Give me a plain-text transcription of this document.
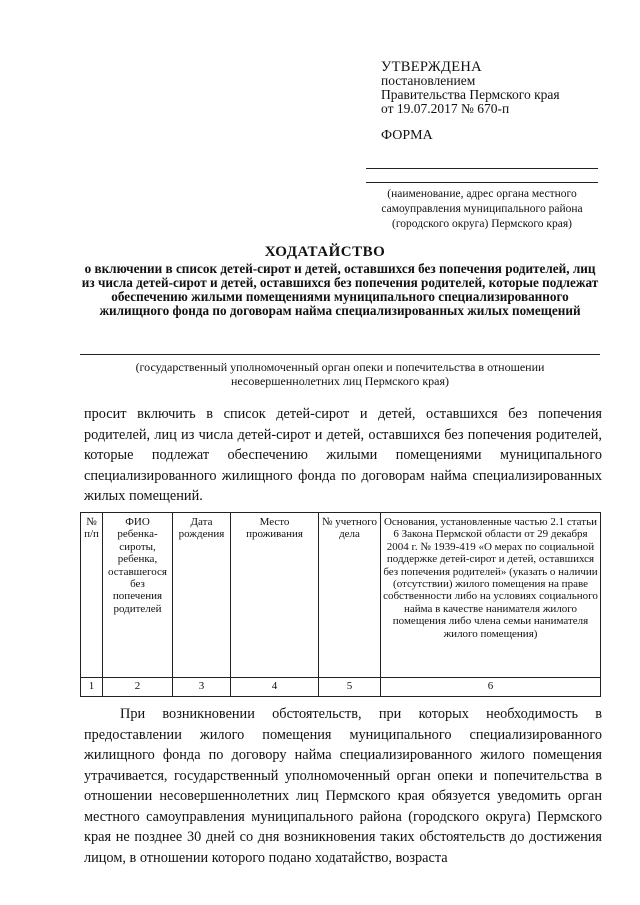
УТВЕРЖДЕНА
постановлением
Правительства Пермского края
от 19.07.2017 № 670-п
ФОРМА
(наименование, адрес органа местного самоуправления муниципального района (городского округа) Пермского края)
ХОДАТАЙСТВО
о включении в список детей-сирот и детей, оставшихся без попечения родителей, лиц из числа детей-сирот и детей, оставшихся без попечения родителей, которые подлежат обеспечению жилыми помещениями муниципального специализированного жилищного фонда по договорам найма специализированных жилых помещений
(государственный уполномоченный орган опеки и попечительства в отношении несовершеннолетних лиц Пермского края)
просит включить в список детей-сирот и детей, оставшихся без попечения родителей, лиц из числа детей-сирот и детей, оставшихся без попечения родителей, которые подлежат обеспечению жилыми помещениями муниципального специализированного жилищного фонда по договорам найма специализированных жилых помещений.
№ п/п	ФИО ребенка-сироты, ребенка, оставшегося без попечения родителей	Дата рождения	Место проживания	№ учетного дела	Основания, установленные частью 2.1 статьи 6 Закона Пермской области от 29 декабря 2004 г. № 1939-419 «О мерах по социальной поддержке детей-сирот и детей, оставшихся без попечения родителей» (указать о наличии (отсутствии) жилого помещения на праве собственности либо на условиях социального найма в качестве нанимателя жилого помещения либо члена семьи нанимателя жилого помещения)
1	2	3	4	5	6
При возникновении обстоятельств, при которых необходимость в предоставлении жилого помещения муниципального специализированного жилищного фонда по договору найма специализированного жилого помещения утрачивается, государственный уполномоченный орган опеки и попечительства в отношении несовершеннолетних лиц Пермского края обязуется уведомить орган местного самоуправления муниципального района (городского округа) Пермского края не позднее 30 дней со дня возникновения таких обстоятельств до достижения лицом, в отношении которого подано ходатайство, возраста
